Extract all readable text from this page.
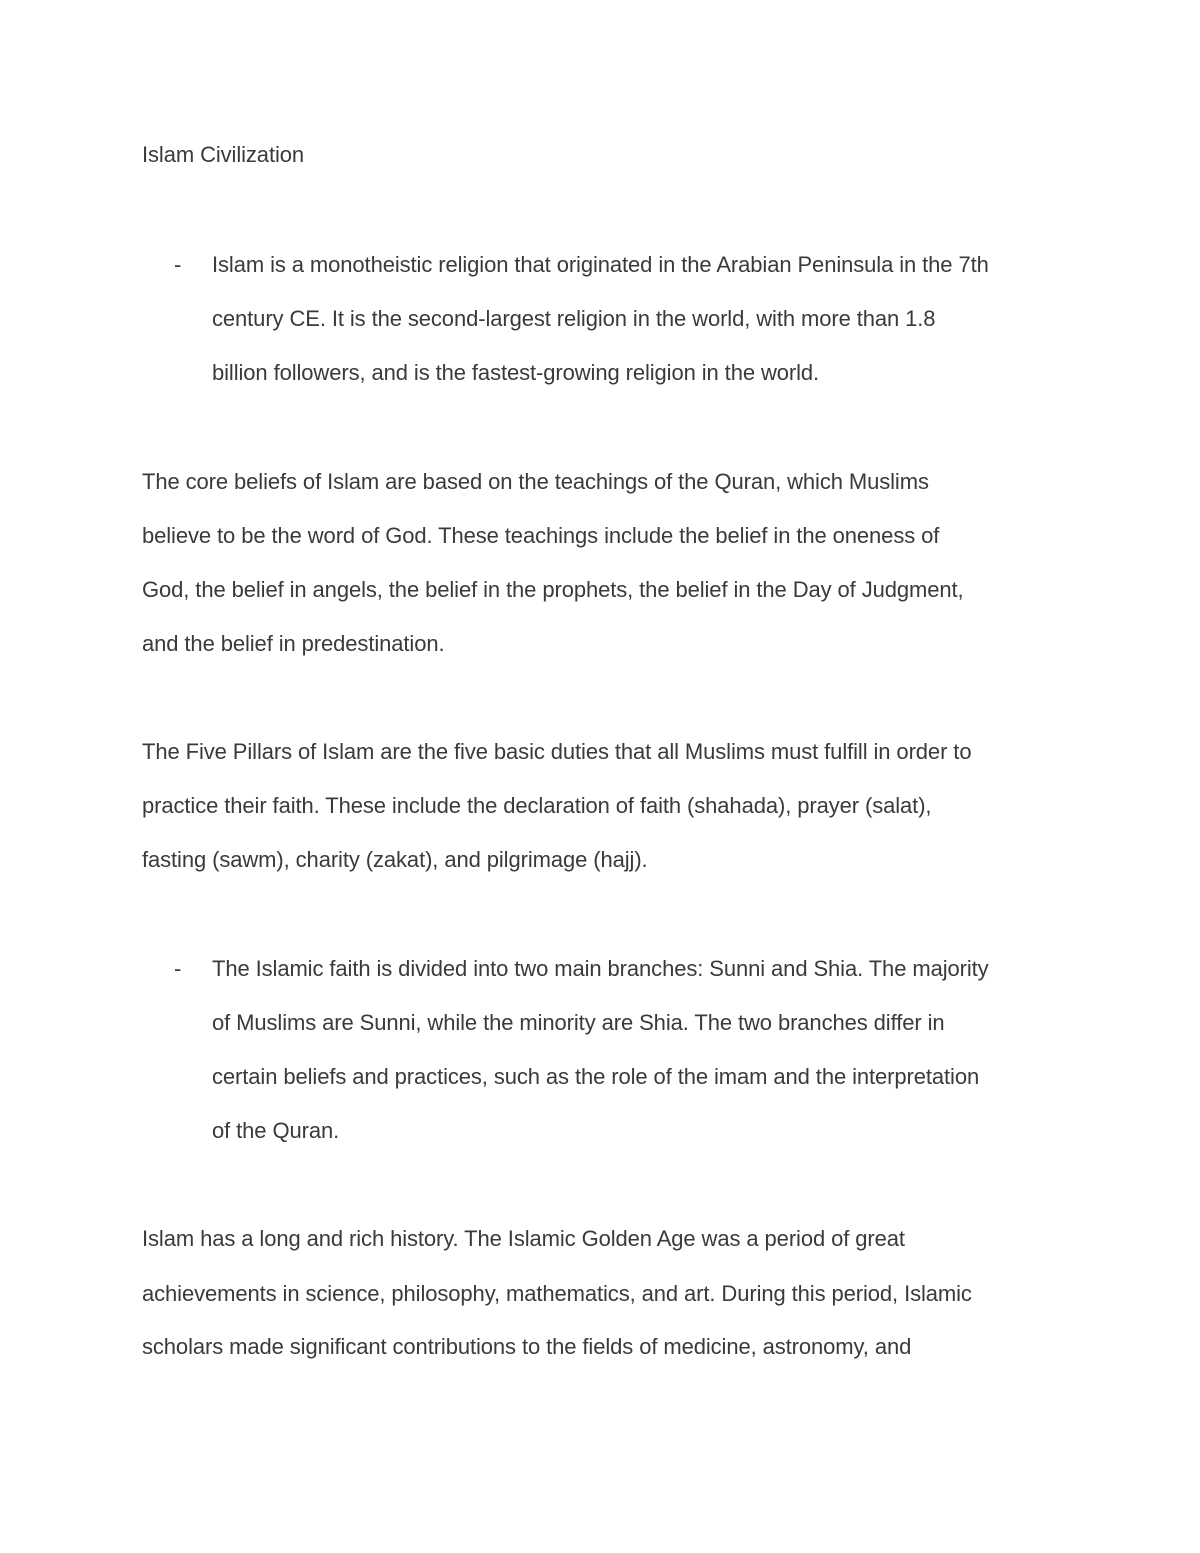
Islam Civilization
- Islam is a monotheistic religion that originated in the Arabian Peninsula in the 7th
century CE. It is the second-largest religion in the world, with more than 1.8
billion followers, and is the fastest-growing religion in the world.
The core beliefs of Islam are based on the teachings of the Quran, which Muslims
believe to be the word of God. These teachings include the belief in the oneness of
God, the belief in angels, the belief in the prophets, the belief in the Day of Judgment,
and the belief in predestination.
The Five Pillars of Islam are the five basic duties that all Muslims must fulfill in order to
practice their faith. These include the declaration of faith (shahada), prayer (salat),
fasting (sawm), charity (zakat), and pilgrimage (hajj).
- The Islamic faith is divided into two main branches: Sunni and Shia. The majority
of Muslims are Sunni, while the minority are Shia. The two branches differ in
certain beliefs and practices, such as the role of the imam and the interpretation
of the Quran.
Islam has a long and rich history. The Islamic Golden Age was a period of great
achievements in science, philosophy, mathematics, and art. During this period, Islamic
scholars made significant contributions to the fields of medicine, astronomy, and
